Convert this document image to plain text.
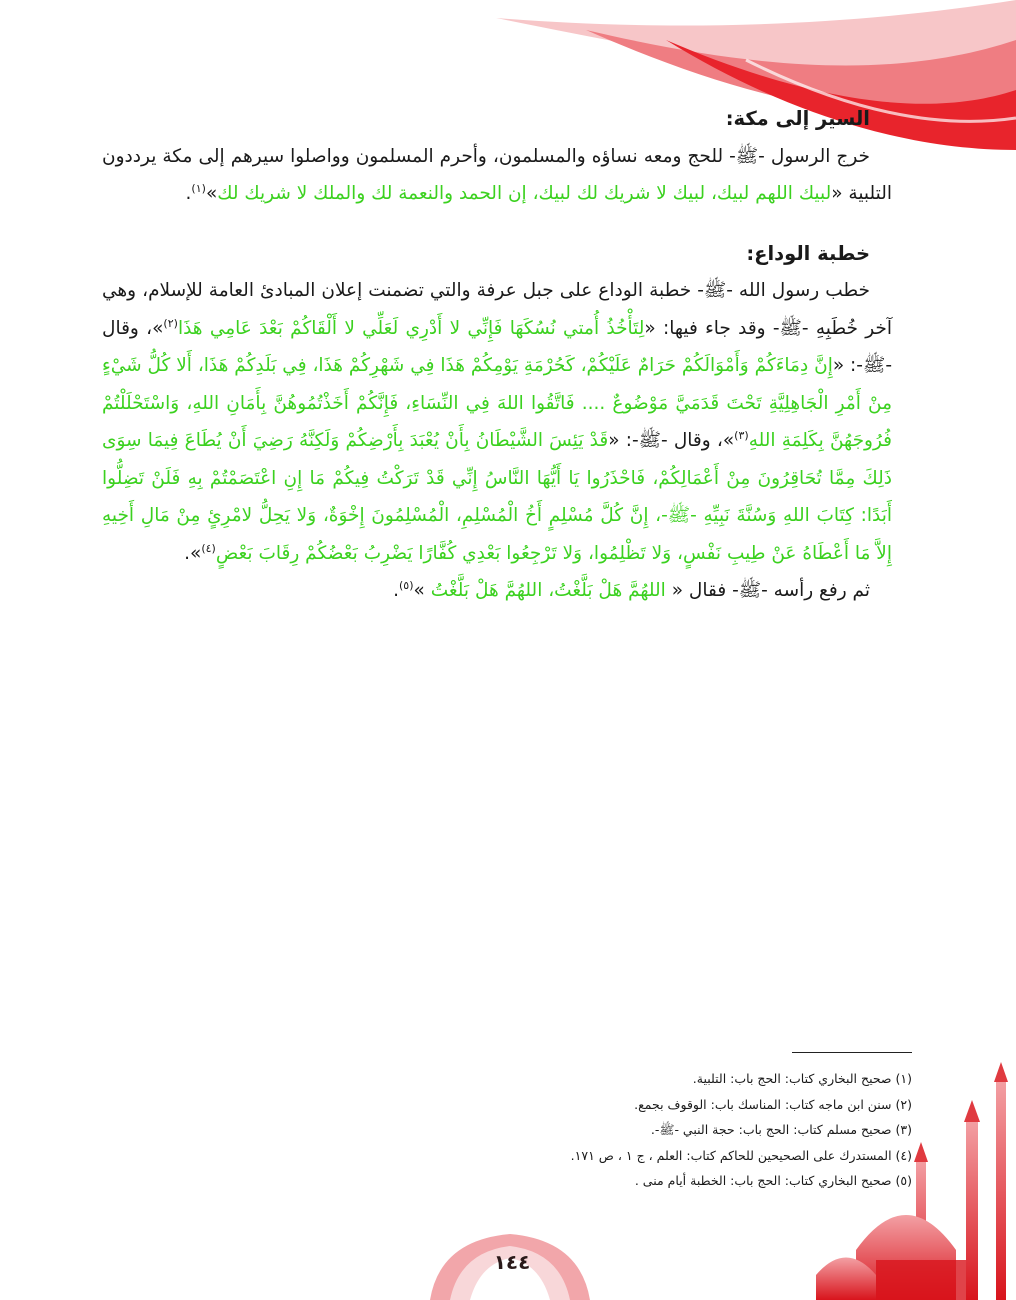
السير إلى مكة:

خرج الرسول -ﷺ- للحج ومعه نساؤه والمسلمون، وأحرم المسلمون وواصلوا سيرهم إلى مكة يرددون التلبية «لبيك اللهم لبيك، لبيك لا شريك لك لبيك، إن الحمد والنعمة لك والملك لا شريك لك»$^{(١)}$.

خطبة الوداع:

خطب رسول الله -ﷺ- خطبة الوداع على جبل عرفة والتي تضمنت إعلان المبادئ العامة للإسلام، وهي آخر خُطَبِهِ -ﷺ- وقد جاء فيها: «لِتَأْخُذُ أُمتي نُسُكَهَا فَإِنِّي لا أَدْرِي لَعَلِّي لا أَلْقَاكُمْ بَعْدَ عَامِي هَذَا$^{(٢)}$»، وقال -ﷺ-: «إِنَّ دِمَاءَكُمْ وَأَمْوَالَكُمْ حَرَامٌ عَلَيْكُمْ، كَحُرْمَةِ يَوْمِكُمْ هَذَا فِي شَهْرِكُمْ هَذَا، فِي بَلَدِكُمْ هَذَا، أَلا كُلُّ شَيْءٍ مِنْ أَمْرِ الْجَاهِلِيَّةِ تَحْتَ قَدَمَيَّ مَوْضُوعٌ .... فَاتَّقُوا اللهَ فِي النِّسَاءِ، فَإِنَّكُمْ أَخَذْتُمُوهُنَّ بِأَمَانِ اللهِ، وَاسْتَحْلَلْتُمْ فُرُوجَهُنَّ بِكَلِمَةِ اللهِ$^{(٣)}$»، وقال -ﷺ-: «قَدْ يَئِسَ الشَّيْطَانُ بِأَنْ يُعْبَدَ بِأَرْضِكُمْ وَلَكِنَّهُ رَضِيَ أَنْ يُطَاعَ فِيمَا سِوَى ذَلِكَ مِمَّا تُحَاقِرُونَ مِنْ أَعْمَالِكُمْ، فَاحْذَرُوا يَا أَيُّهَا النَّاسُ إِنِّي قَدْ تَرَكْتُ فِيكُمْ مَا إِنِ اعْتَصَمْتُمْ بِهِ فَلَنْ تَضِلُّوا أَبَدًا: كِتَابَ اللهِ وَسُنَّةَ نَبِيِّهِ -ﷺ-، إِنَّ كُلَّ مُسْلِمٍ أَخُ الْمُسْلِمِ، الْمُسْلِمُونَ إِخْوَةٌ، وَلا يَحِلُّ لامْرِئٍ مِنْ مَالِ أَخِيهِ إِلاَّ مَا أَعْطَاهُ عَنْ طِيبِ نَفْسٍ، وَلا تَظْلِمُوا، وَلا تَرْجِعُوا بَعْدِي كُفَّارًا يَضْرِبُ بَعْضُكُمْ رِقَابَ بَعْضٍ$^{(٤)}$».

ثم رفع رأسه -ﷺ- فقال « اللهُمَّ هَلْ بَلَّغْتُ، اللهُمَّ هَلْ بَلَّغْتُ »$^{(٥)}$.

(١) صحيح البخاري كتاب: الحج باب: التلبية.

(٢) سنن ابن ماجه كتاب: المناسك باب: الوقوف بجمع.

(٣) صحيح مسلم كتاب: الحج باب: حجة النبي -ﷺ-.

(٤) المستدرك على الصحيحين للحاكم كتاب: العلم ، ج ١ ، ص ١٧١.

(٥) صحيح البخاري كتاب: الحج باب: الخطبة أيام منى .

١٤٤
